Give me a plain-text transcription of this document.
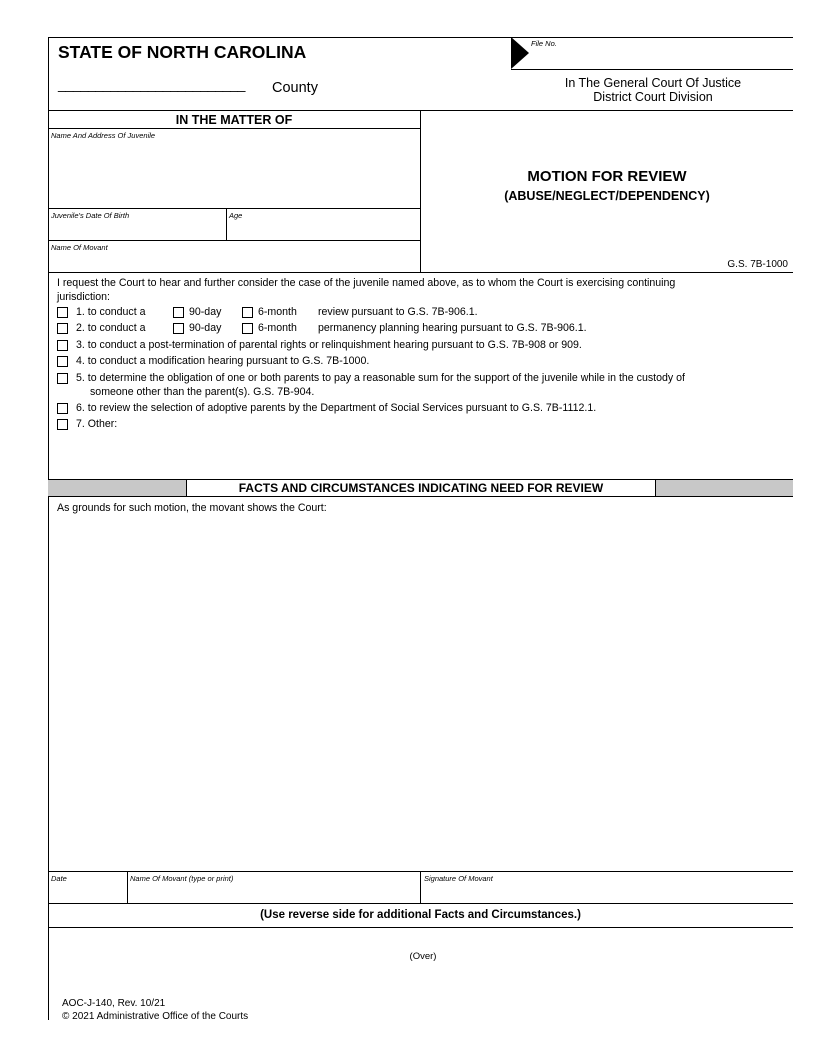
STATE OF NORTH CAROLINA
_________________________ County
File No.
In The General Court Of Justice
District Court Division
IN THE MATTER OF
Name And Address Of Juvenile
Juvenile's Date Of Birth	Age
Name Of Movant
MOTION FOR REVIEW
(ABUSE/NEGLECT/DEPENDENCY)
G.S. 7B-1000
I request the Court to hear and further consider the case of the juvenile named above, as to whom the Court is exercising continuing
jurisdiction:
1. to conduct a	90-day	6-month review pursuant to G.S. 7B-906.1.
2. to conduct a	90-day	6-month permanency planning hearing pursuant to G.S. 7B-906.1.
3. to conduct a post-termination of parental rights or relinquishment hearing pursuant to G.S. 7B-908 or 909.
4. to conduct a modification hearing pursuant to G.S. 7B-1000.
5. to determine the obligation of one or both parents to pay a reasonable sum for the support of the juvenile while in the custody of
someone other than the parent(s). G.S. 7B-904.
6. to review the selection of adoptive parents by the Department of Social Services pursuant to G.S. 7B-1112.1.
7. Other:
FACTS AND CIRCUMSTANCES INDICATING NEED FOR REVIEW
As grounds for such motion, the movant shows the Court:
Date	Name Of Movant (type or print)	Signature Of Movant
(Use reverse side for additional Facts and Circumstances.)
(Over)
AOC-J-140, Rev. 10/21
© 2021 Administrative Office of the Courts
